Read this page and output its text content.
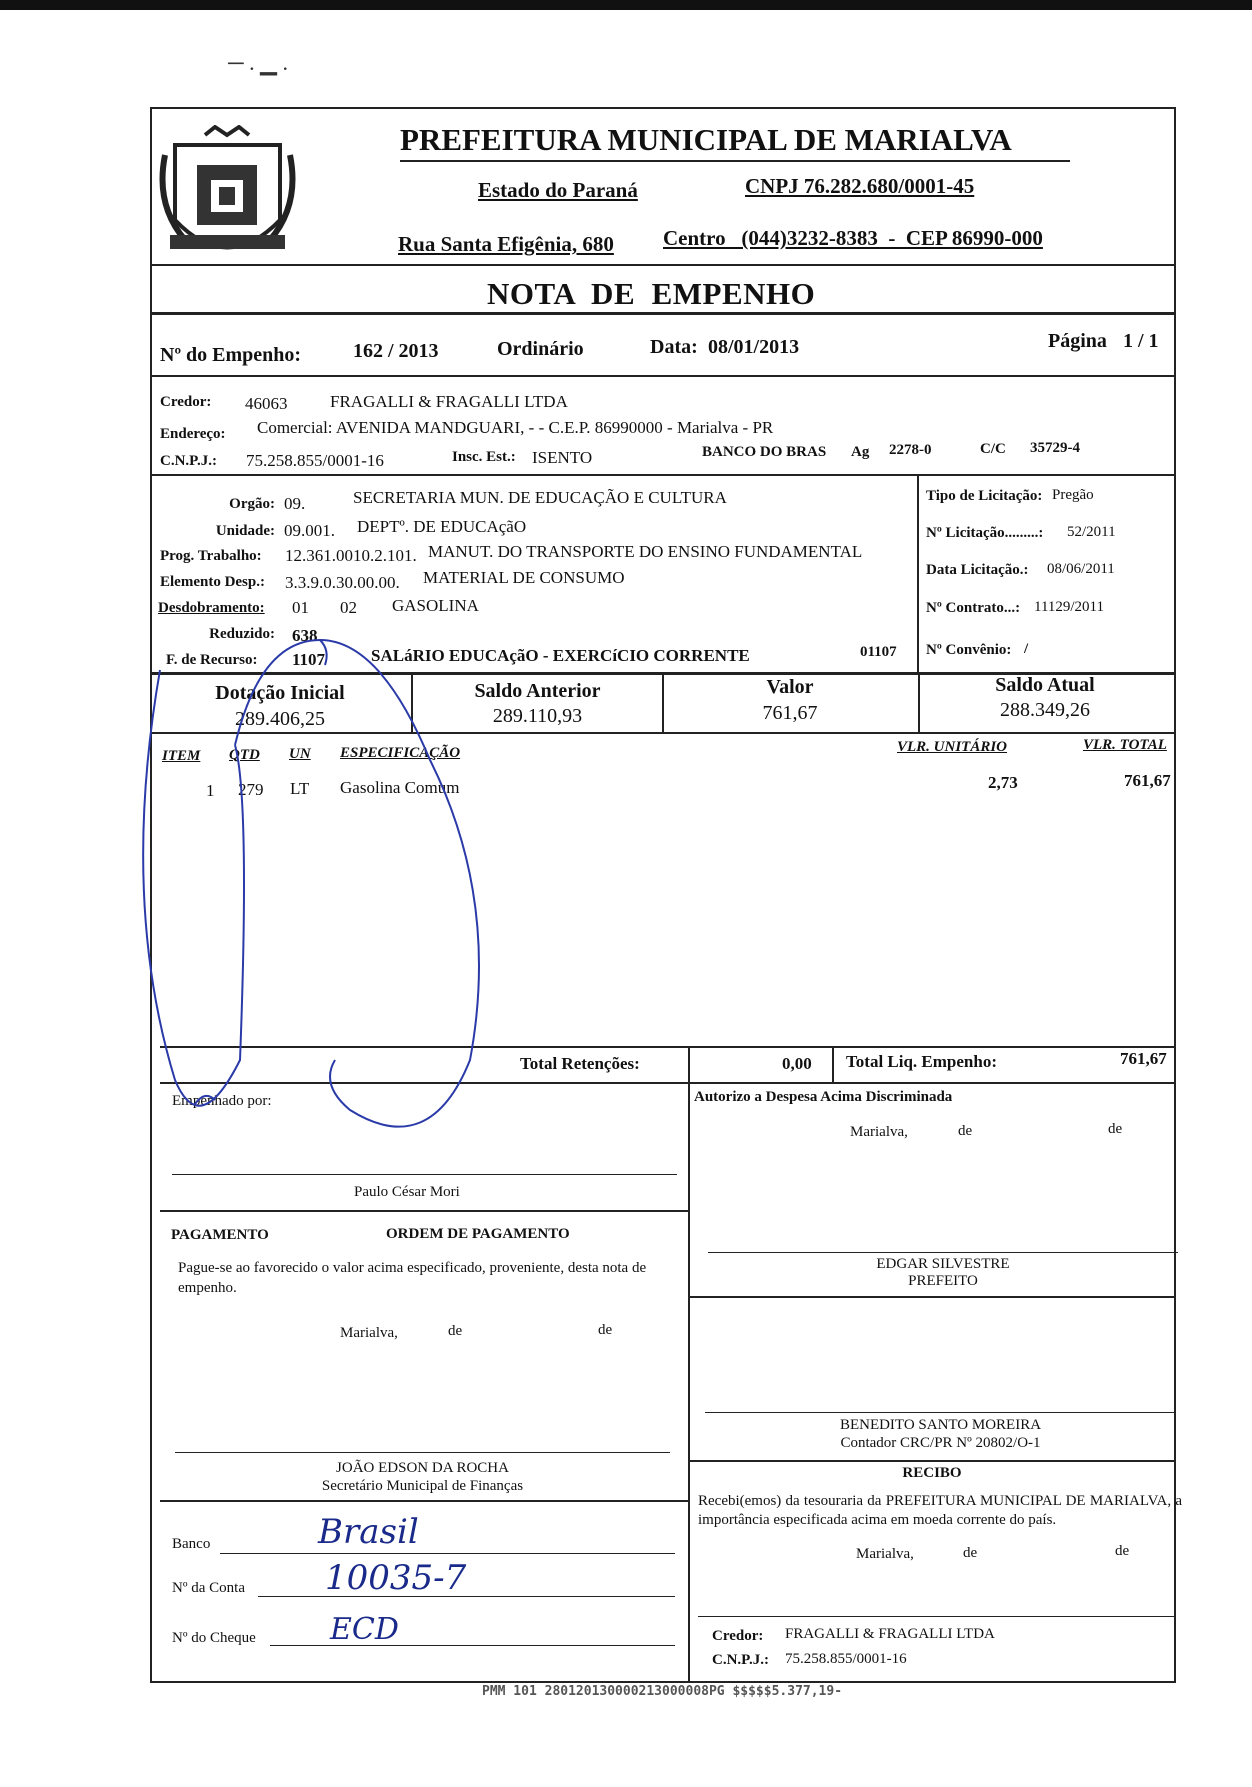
─ . ▁ .
PREFEITURA MUNICIPAL DE MARIALVA
Estado do Paraná	CNPJ 76.282.680/0001-45
Rua Santa Efigênia, 680 Centro   (044)3232-8383  -  CEP 86990-000
NOTA  DE  EMPENHO
Nº do Empenho:	162 / 2013	Ordinário	Data: 08/01/2013	Página 1 / 1
Credor: 46063	FRAGALLI & FRAGALLI LTDA
Endereço: Comercial: AVENIDA MANDGUARI, - - C.E.P. 86990000 - Marialva - PR
C.N.P.J.: 75.258.855/0001-16	Insc. Est.: ISENTO	BANCO DO BRAS Ag 2278-0	C/C 35729-4
Orgão: 09.	SECRETARIA MUN. DE EDUCAÇÃO E CULTURA
Unidade: 09.001. DEPTº. DE EDUCAçãO
Prog. Trabalho: 12.361.0010.2.101. MANUT. DO TRANSPORTE DO ENSINO FUNDAMENTAL
Elemento Desp.: 3.3.9.0.30.00.00. MATERIAL DE CONSUMO
Desdobramento: 01 02 GASOLINA
Reduzido: 638
F. de Recurso: 1107	SALáRIO EDUCAçãO - EXERCíCIO CORRENTE	01107
Tipo de Licitação: Pregão
Nº Licitação.........: 52/2011
Data Licitação.: 08/06/2011
Nº Contrato...: 11129/2011
Nº Convênio: /
Dotação Inicial
289.406,25
Saldo Anterior
289.110,93
Valor
761,67
Saldo Atual
288.349,26
ITEM QTD UN ESPECIFICAÇÃO	VLR. UNITÁRIO	VLR. TOTAL
1 279 LT Gasolina Comum	2,73	761,67
Total Retenções:	0,00 Total Liq. Empenho:	761,67
Empenhado por:
Paulo César Mori
PAGAMENTO	ORDEM DE PAGAMENTO
Pague-se ao favorecido o valor acima especificado, proveniente, desta nota de empenho.
Marialva,	de	de
JOÃO EDSON DA ROCHA
Secretário Municipal de Finanças
Banco	Brasil
Nº da Conta 10035-7
Nº do Cheque ECD
Autorizo a Despesa Acima Discriminada
Marialva,	de	de
EDGAR SILVESTRE
PREFEITO
BENEDITO SANTO MOREIRA
Contador CRC/PR Nº 20802/O-1
RECIBO
Recebi(emos) da tesouraria da PREFEITURA MUNICIPAL DE MARIALVA, a importância especificada acima em moeda corrente do país.
Marialva,	de	de
Credor: FRAGALLI & FRAGALLI LTDA
C.N.P.J.: 75.258.855/0001-16
PMM 101 280120130000213000008PG $$$$$5.377,19-
